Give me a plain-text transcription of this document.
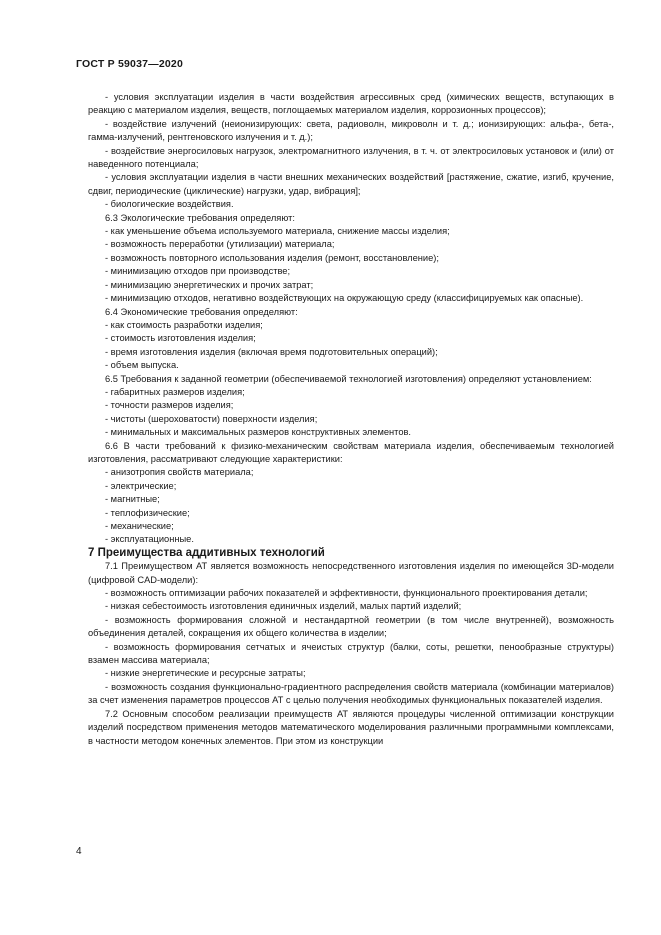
ГОСТ Р 59037—2020

- условия эксплуатации изделия в части воздействия агрессивных сред (химических веществ, вступающих в реакцию с материалом изделия, веществ, поглощаемых материалом изделия, коррозионных процессов);

- воздействие излучений (неионизирующих: света, радиоволн, микроволн и т. д.; ионизирующих: альфа-, бета-, гамма-излучений, рентгеновского излучения и т. д.);

- воздействие энергосиловых нагрузок, электромагнитного излучения, в т. ч. от электросиловых установок и (или) от наведенного потенциала;

- условия эксплуатации изделия в части внешних механических воздействий [растяжение, сжатие, изгиб, кручение, сдвиг, периодические (циклические) нагрузки, удар, вибрация];

- биологические воздействия.

6.3 Экологические требования определяют:

- как уменьшение объема используемого материала, снижение массы изделия;

- возможность переработки (утилизации) материала;

- возможность повторного использования изделия (ремонт, восстановление);

- минимизацию отходов при производстве;

- минимизацию энергетических и прочих затрат;

- минимизацию отходов, негативно воздействующих на окружающую среду (классифицируемых как опасные).

6.4 Экономические требования определяют:

- как стоимость разработки изделия;

- стоимость изготовления изделия;

- время изготовления изделия (включая время подготовительных операций);

- объем выпуска.

6.5 Требования к заданной геометрии (обеспечиваемой технологией изготовления) определяют установлением:

- габаритных размеров изделия;

- точности размеров изделия;

- чистоты (шероховатости) поверхности изделия;

- минимальных и максимальных размеров конструктивных элементов.

6.6 В части требований к физико-механическим свойствам материала изделия, обеспечиваемым технологией изготовления, рассматривают следующие характеристики:

- анизотропия свойств материала;

- электрические;

- магнитные;

- теплофизические;

- механические;

- эксплуатационные.

7 Преимущества аддитивных технологий

7.1 Преимуществом АТ является возможность непосредственного изготовления изделия по имеющейся 3D-модели (цифровой CAD-модели):

- возможность оптимизации рабочих показателей и эффективности, функционального проектирования детали;

- низкая себестоимость изготовления единичных изделий, малых партий изделий;

- возможность формирования сложной и нестандартной геометрии (в том числе внутренней), возможность объединения деталей, сокращения их общего количества в изделии;

- возможность формирования сетчатых и ячеистых структур (балки, соты, решетки, пенообразные структуры) взамен массива материала;

- низкие энергетические и ресурсные затраты;

- возможность создания функционально-градиентного распределения свойств материала (комбинации материалов) за счет изменения параметров процессов АТ с целью получения необходимых функциональных показателей изделия.

7.2 Основным способом реализации преимуществ АТ являются процедуры численной оптимизации конструкции изделий посредством применения методов математического моделирования различными программными комплексами, в частности методом конечных элементов. При этом из конструкции

4
